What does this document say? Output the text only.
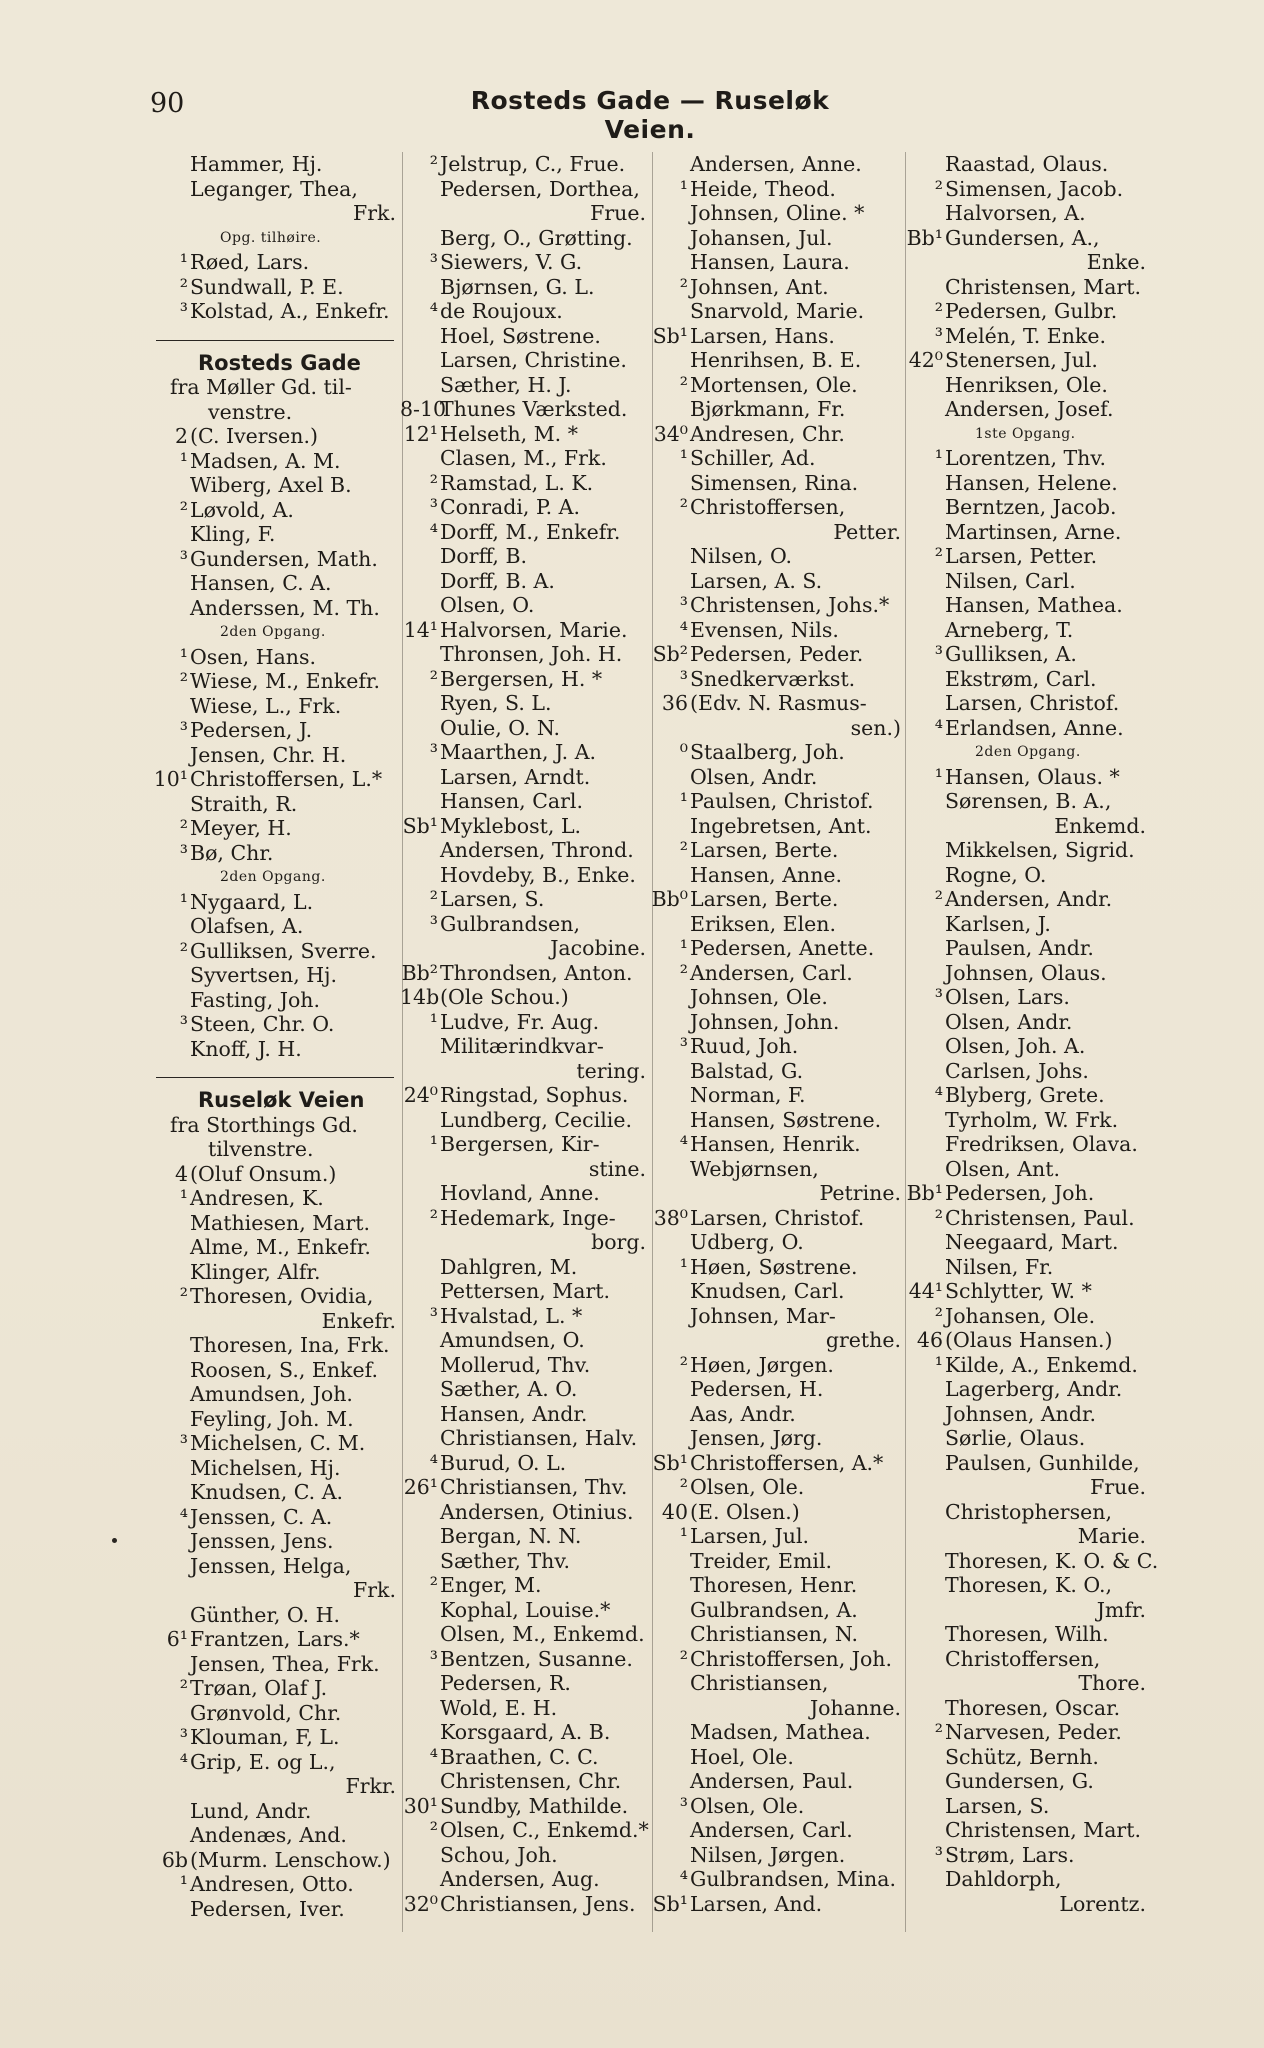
90	Rosteds Gade — Ruseløk Veien.
Hammer, Hj.
Leganger, Thea,
Frk.
Opg. tilhøire.
¹Røed, Lars.
²Sundwall, P. E.
³Kolstad, A., Enkefr.
Rosteds Gade
fra Møller Gd. til-
venstre.
2(C. Iversen.)
¹Madsen, A. M.
Wiberg, Axel B.
²Løvold, A.
Kling, F.
³Gundersen, Math.
Hansen, C. A.
Anderssen, M. Th.
2den Opgang.
¹Osen, Hans.
²Wiese, M., Enkefr.
Wiese, L., Frk.
³Pedersen, J.
Jensen, Chr. H.
10¹Christoffersen, L.*
Straith, R.
²Meyer, H.
³Bø, Chr.
2den Opgang.
¹Nygaard, L.
Olafsen, A.
²Gulliksen, Sverre.
Syvertsen, Hj.
Fasting, Joh.
³Steen, Chr. O.
Knoff, J. H.
Ruseløk Veien
fra Storthings Gd.
tilvenstre.
4(Oluf Onsum.)
¹Andresen, K.
Mathiesen, Mart.
Alme, M., Enkefr.
Klinger, Alfr.
²Thoresen, Ovidia,
Enkefr.
Thoresen, Ina, Frk.
Roosen, S., Enkef.
Amundsen, Joh.
Feyling, Joh. M.
³Michelsen, C. M.
Michelsen, Hj.
Knudsen, C. A.
⁴Jenssen, C. A.
Jenssen, Jens.
Jenssen, Helga,
Frk.
Günther, O. H.
6¹Frantzen, Lars.*
Jensen, Thea, Frk.
²Trøan, Olaf J.
Grønvold, Chr.
³Klouman, F, L.
⁴Grip, E. og L.,
Frkr.
Lund, Andr.
Andenæs, And.
6b(Murm. Lenschow.)
¹Andresen, Otto.
Pedersen, Iver.
²Jelstrup, C., Frue.
Pedersen, Dorthea,
Frue.
Berg, O., Grøtting.
³Siewers, V. G.
Bjørnsen, G. L.
⁴de Roujoux.
Hoel, Søstrene.
Larsen, Christine.
Sæther, H. J.
8-10Thunes Værksted.
12¹Helseth, M. *
Clasen, M., Frk.
²Ramstad, L. K.
³Conradi, P. A.
⁴Dorff, M., Enkefr.
Dorff, B.
Dorff, B. A.
Olsen, O.
14¹Halvorsen, Marie.
Thronsen, Joh. H.
²Bergersen, H. *
Ryen, S. L.
Oulie, O. N.
³Maarthen, J. A.
Larsen, Arndt.
Hansen, Carl.
Sb¹Myklebost, L.
Andersen, Thrond.
Hovdeby, B., Enke.
²Larsen, S.
³Gulbrandsen,
Jacobine.
Bb²Throndsen, Anton.
14b(Ole Schou.)
¹Ludve, Fr. Aug.
Militærindkvar-
tering.
24⁰Ringstad, Sophus.
Lundberg, Cecilie.
¹Bergersen, Kir-
stine.
Hovland, Anne.
²Hedemark, Inge-
borg.
Dahlgren, M.
Pettersen, Mart.
³Hvalstad, L. *
Amundsen, O.
Mollerud, Thv.
Sæther, A. O.
Hansen, Andr.
Christiansen, Halv.
⁴Burud, O. L.
26¹Christiansen, Thv.
Andersen, Otinius.
Bergan, N. N.
Sæther, Thv.
²Enger, M.
Kophal, Louise.*
Olsen, M., Enkemd.
³Bentzen, Susanne.
Pedersen, R.
Wold, E. H.
Korsgaard, A. B.
⁴Braathen, C. C.
Christensen, Chr.
30¹Sundby, Mathilde.
²Olsen, C., Enkemd.*
Schou, Joh.
Andersen, Aug.
32⁰Christiansen, Jens.
Andersen, Anne.
¹Heide, Theod.
Johnsen, Oline. *
Johansen, Jul.
Hansen, Laura.
²Johnsen, Ant.
Snarvold, Marie.
Sb¹Larsen, Hans.
Henrihsen, B. E.
²Mortensen, Ole.
Bjørkmann, Fr.
34⁰Andresen, Chr.
¹Schiller, Ad.
Simensen, Rina.
²Christoffersen,
Petter.
Nilsen, O.
Larsen, A. S.
³Christensen, Johs.*
⁴Evensen, Nils.
Sb²Pedersen, Peder.
³Snedkerværkst.
36(Edv. N. Rasmus-
sen.)
⁰Staalberg, Joh.
Olsen, Andr.
¹Paulsen, Christof.
Ingebretsen, Ant.
²Larsen, Berte.
Hansen, Anne.
Bb⁰Larsen, Berte.
Eriksen, Elen.
¹Pedersen, Anette.
²Andersen, Carl.
Johnsen, Ole.
Johnsen, John.
³Ruud, Joh.
Balstad, G.
Norman, F.
Hansen, Søstrene.
⁴Hansen, Henrik.
Webjørnsen,
Petrine.
38⁰Larsen, Christof.
Udberg, O.
¹Høen, Søstrene.
Knudsen, Carl.
Johnsen, Mar-
grethe.
²Høen, Jørgen.
Pedersen, H.
Aas, Andr.
Jensen, Jørg.
Sb¹Christoffersen, A.*
²Olsen, Ole.
40(E. Olsen.)
¹Larsen, Jul.
Treider, Emil.
Thoresen, Henr.
Gulbrandsen, A.
Christiansen, N.
²Christoffersen, Joh.
Christiansen,
Johanne.
Madsen, Mathea.
Hoel, Ole.
Andersen, Paul.
³Olsen, Ole.
Andersen, Carl.
Nilsen, Jørgen.
⁴Gulbrandsen, Mina.
Sb¹Larsen, And.
Raastad, Olaus.
²Simensen, Jacob.
Halvorsen, A.
Bb¹Gundersen, A.,
Enke.
Christensen, Mart.
²Pedersen, Gulbr.
³Melén, T. Enke.
42⁰Stenersen, Jul.
Henriksen, Ole.
Andersen, Josef.
1ste Opgang.
¹Lorentzen, Thv.
Hansen, Helene.
Berntzen, Jacob.
Martinsen, Arne.
²Larsen, Petter.
Nilsen, Carl.
Hansen, Mathea.
Arneberg, T.
³Gulliksen, A.
Ekstrøm, Carl.
Larsen, Christof.
⁴Erlandsen, Anne.
2den Opgang.
¹Hansen, Olaus. *
Sørensen, B. A.,
Enkemd.
Mikkelsen, Sigrid.
Rogne, O.
²Andersen, Andr.
Karlsen, J.
Paulsen, Andr.
Johnsen, Olaus.
³Olsen, Lars.
Olsen, Andr.
Olsen, Joh. A.
Carlsen, Johs.
⁴Blyberg, Grete.
Tyrholm, W. Frk.
Fredriksen, Olava.
Olsen, Ant.
Bb¹Pedersen, Joh.
²Christensen, Paul.
Neegaard, Mart.
Nilsen, Fr.
44¹Schlytter, W. *
²Johansen, Ole.
46(Olaus Hansen.)
¹Kilde, A., Enkemd.
Lagerberg, Andr.
Johnsen, Andr.
Sørlie, Olaus.
Paulsen, Gunhilde,
Frue.
Christophersen,
Marie.
Thoresen, K. O. & C.
Thoresen, K. O.,
Jmfr.
Thoresen, Wilh.
Christoffersen,
Thore.
Thoresen, Oscar.
²Narvesen, Peder.
Schütz, Bernh.
Gundersen, G.
Larsen, S.
Christensen, Mart.
³Strøm, Lars.
Dahldorph,
Lorentz.
